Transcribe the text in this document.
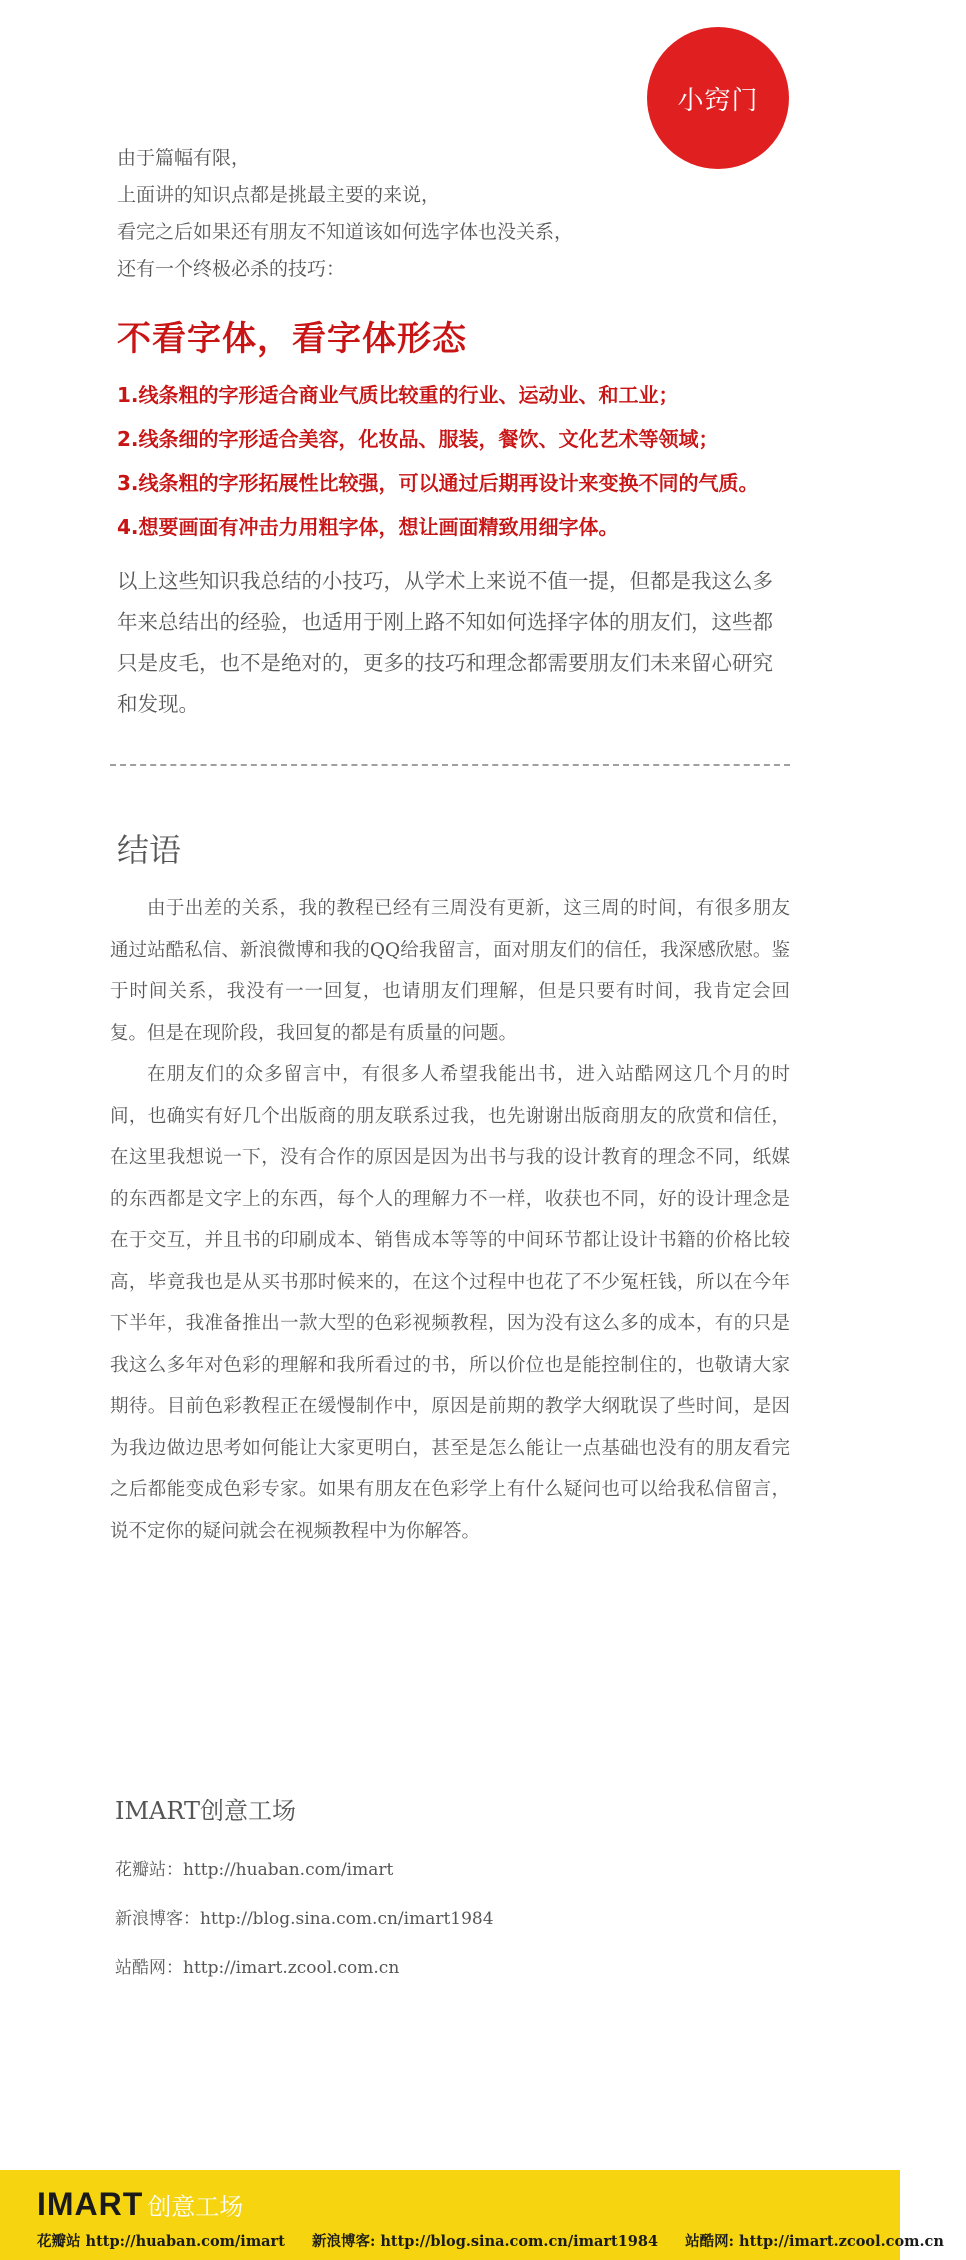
小窍门

由于篇幅有限，

上面讲的知识点都是挑最主要的来说，

看完之后如果还有朋友不知道该如何选字体也没关系，

还有一个终极必杀的技巧：

不看字体，看字体形态

1.线条粗的字形适合商业气质比较重的行业、运动业、和工业；

2.线条细的字形适合美容，化妆品、服装，餐饮、文化艺术等领域；

3.线条粗的字形拓展性比较强，可以通过后期再设计来变换不同的气质。

4.想要画面有冲击力用粗字体，想让画面精致用细字体。

以上这些知识我总结的小技巧，从学术上来说不值一提，但都是我这么多年来总结出的经验，也适用于刚上路不知如何选择字体的朋友们，这些都只是皮毛，也不是绝对的，更多的技巧和理念都需要朋友们未来留心研究和发现。

结语

由于出差的关系，我的教程已经有三周没有更新，这三周的时间，有很多朋友通过站酷私信、新浪微博和我的QQ给我留言，面对朋友们的信任，我深感欣慰。鉴于时间关系，我没有一一回复，也请朋友们理解，但是只要有时间，我肯定会回复。但是在现阶段，我回复的都是有质量的问题。

在朋友们的众多留言中，有很多人希望我能出书，进入站酷网这几个月的时间，也确实有好几个出版商的朋友联系过我，也先谢谢出版商朋友的欣赏和信任，在这里我想说一下，没有合作的原因是因为出书与我的设计教育的理念不同，纸媒的东西都是文字上的东西，每个人的理解力不一样，收获也不同，好的设计理念是在于交互，并且书的印刷成本、销售成本等等的中间环节都让设计书籍的价格比较高，毕竟我也是从买书那时候来的，在这个过程中也花了不少冤枉钱，所以在今年下半年，我准备推出一款大型的色彩视频教程，因为没有这么多的成本，有的只是我这么多年对色彩的理解和我所看过的书，所以价位也是能控制住的，也敬请大家期待。目前色彩教程正在缓慢制作中，原因是前期的教学大纲耽误了些时间，是因为我边做边思考如何能让大家更明白，甚至是怎么能让一点基础也没有的朋友看完之后都能变成色彩专家。如果有朋友在色彩学上有什么疑问也可以给我私信留言，说不定你的疑问就会在视频教程中为你解答。

IMART创意工场
花瓣站：http://huaban.com/imart
新浪博客：http://blog.sina.com.cn/imart1984
站酷网：http://imart.zcool.com.cn
IMART 创意工场
花瓣站 http://huaban.com/imart 新浪博客: http://blog.sina.com.cn/imart1984 站酷网: http://imart.zcool.com.cn
